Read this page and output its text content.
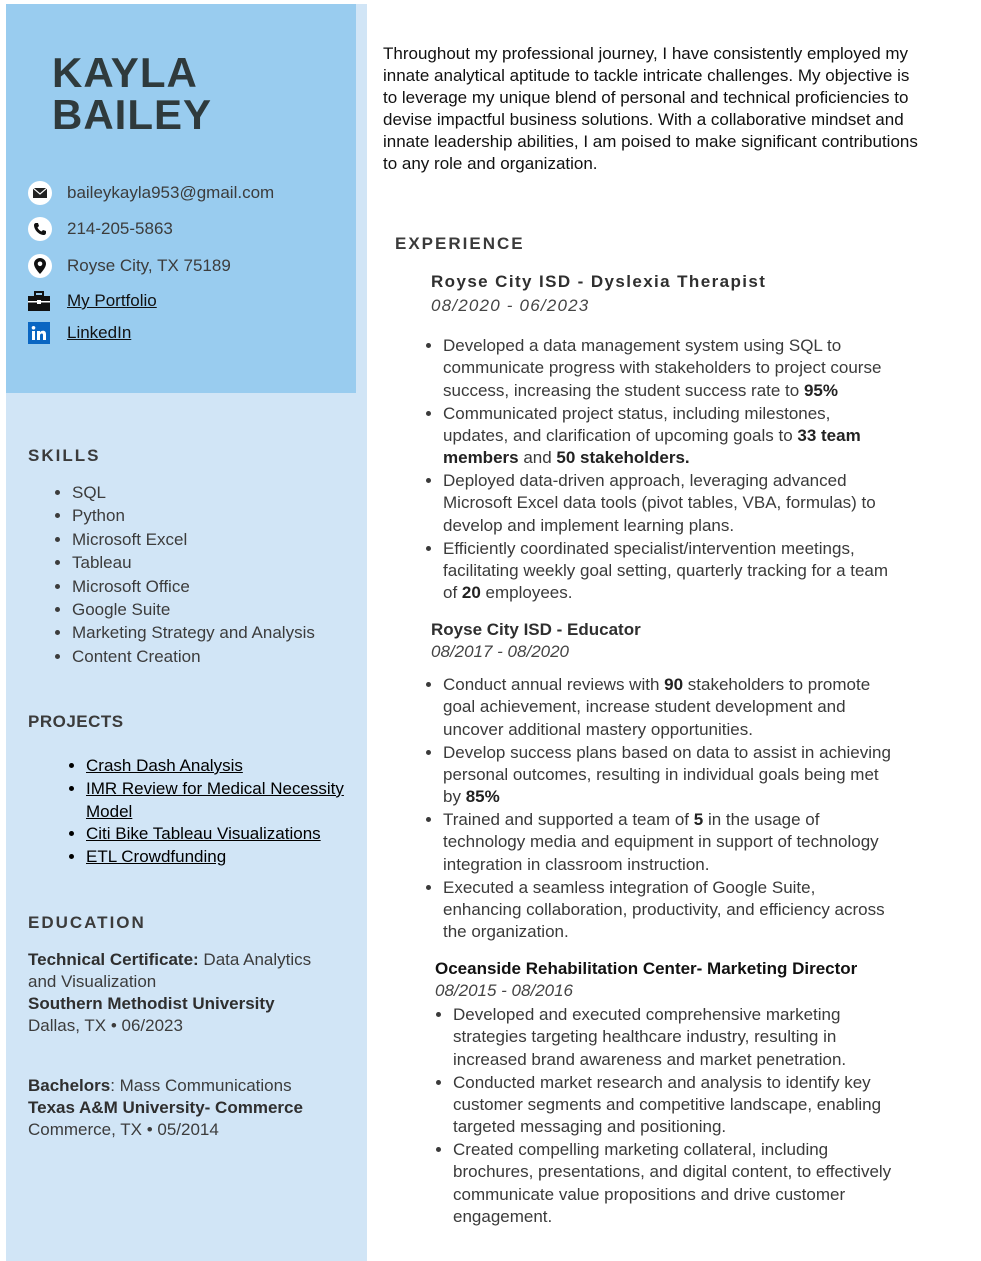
KAYLA
BAILEY
baileykayla953@gmail.com
214-205-5863
Royse City, TX 75189
My Portfolio
LinkedIn
SKILLS
• SQL
• Python
• Microsoft Excel
• Tableau
• Microsoft Office
• Google Suite
• Marketing Strategy and Analysis
• Content Creation
PROJECTS
• Crash Dash Analysis
• IMR Review for Medical Necessity Model
• Citi Bike Tableau Visualizations
• ETL Crowdfunding
EDUCATION
Technical Certificate: Data Analytics and Visualization
Southern Methodist University
Dallas, TX • 06/2023
Bachelors: Mass Communications Texas A&M University- Commerce
Commerce, TX • 05/2014

Throughout my professional journey, I have consistently employed my innate analytical aptitude to tackle intricate challenges. My objective is to leverage my unique blend of personal and technical proficiencies to devise impactful business solutions. With a collaborative mindset and innate leadership abilities, I am poised to make significant contributions to any role and organization.

EXPERIENCE
Royse City ISD - Dyslexia Therapist
08/2020 - 06/2023
• Developed a data management system using SQL to communicate progress with stakeholders to project course success, increasing the student success rate to 95%
• Communicated project status, including milestones, updates, and clarification of upcoming goals to 33 team members and 50 stakeholders.
• Deployed data-driven approach, leveraging advanced Microsoft Excel data tools (pivot tables, VBA, formulas) to develop and implement learning plans.
• Efficiently coordinated specialist/intervention meetings, facilitating weekly goal setting, quarterly tracking for a team of 20 employees.
Royse City ISD - Educator
08/2017 - 08/2020
• Conduct annual reviews with 90 stakeholders to promote goal achievement, increase student development and uncover additional mastery opportunities.
• Develop success plans based on data to assist in achieving personal outcomes, resulting in individual goals being met by 85%
• Trained and supported a team of 5 in the usage of technology media and equipment in support of technology integration in classroom instruction.
• Executed a seamless integration of Google Suite, enhancing collaboration, productivity, and efficiency across the organization.
Oceanside Rehabilitation Center- Marketing Director
08/2015 - 08/2016
• Developed and executed comprehensive marketing strategies targeting healthcare industry, resulting in increased brand awareness and market penetration.
• Conducted market research and analysis to identify key customer segments and competitive landscape, enabling targeted messaging and positioning.
• Created compelling marketing collateral, including brochures, presentations, and digital content, to effectively communicate value propositions and drive customer engagement.
